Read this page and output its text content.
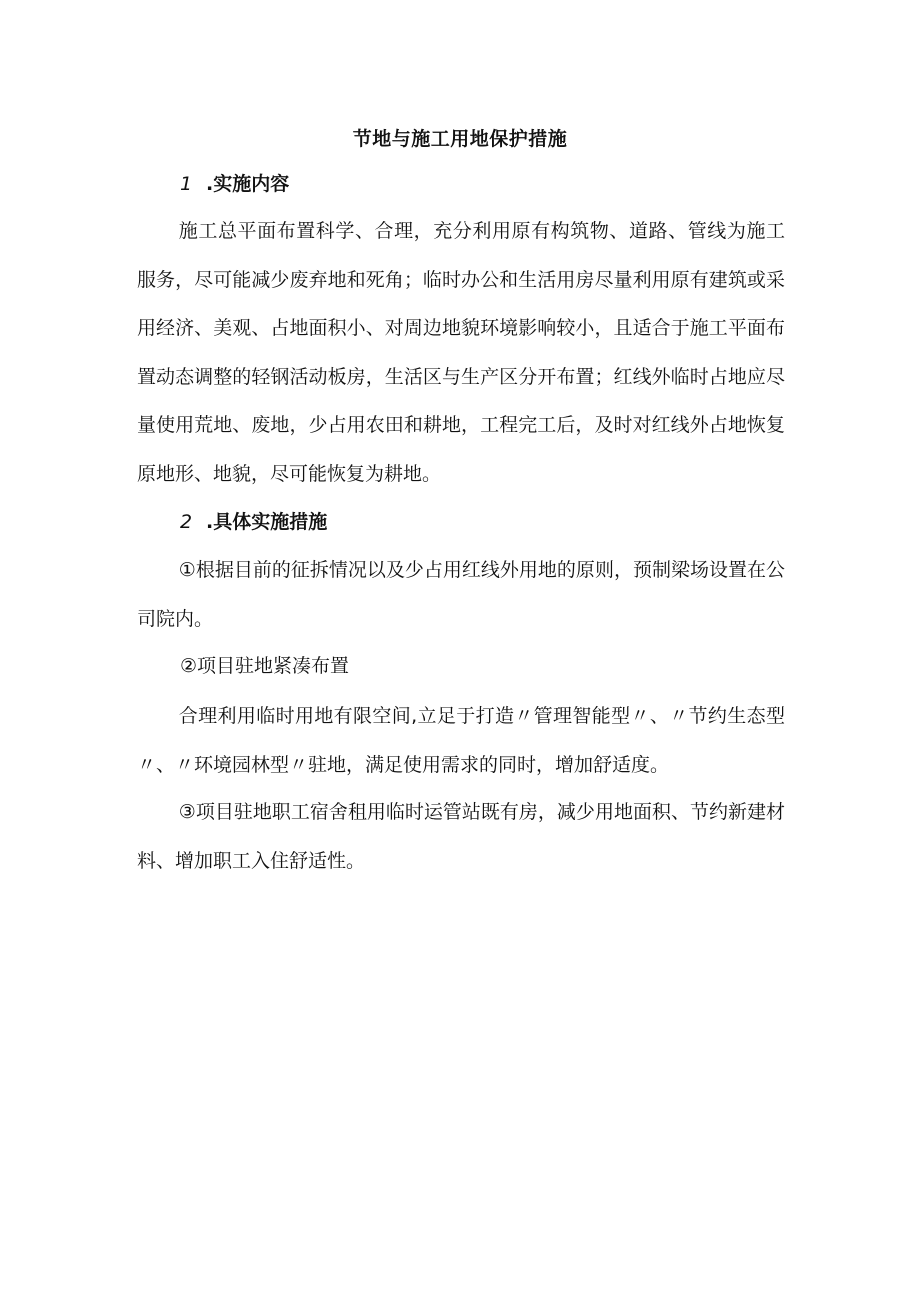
节地与施工用地保护措施
1 .实施内容
施工总平面布置科学、合理，充分利用原有构筑物、道路、管线为施工服务，尽可能减少废弃地和死角；临时办公和生活用房尽量利用原有建筑或采用经济、美观、占地面积小、对周边地貌环境影响较小，且适合于施工平面布置动态调整的轻钢活动板房，生活区与生产区分开布置；红线外临时占地应尽量使用荒地、废地，少占用农田和耕地，工程完工后，及时对红线外占地恢复原地形、地貌，尽可能恢复为耕地。
2 .具体实施措施
①根据目前的征拆情况以及少占用红线外用地的原则，预制梁场设置在公司院内。
②项目驻地紧凑布置
合理利用临时用地有限空间,立足于打造〃管理智能型〃、〃节约生态型〃、〃环境园林型〃驻地，满足使用需求的同时，增加舒适度。
③项目驻地职工宿舍租用临时运管站既有房，减少用地面积、节约新建材料、增加职工入住舒适性。
